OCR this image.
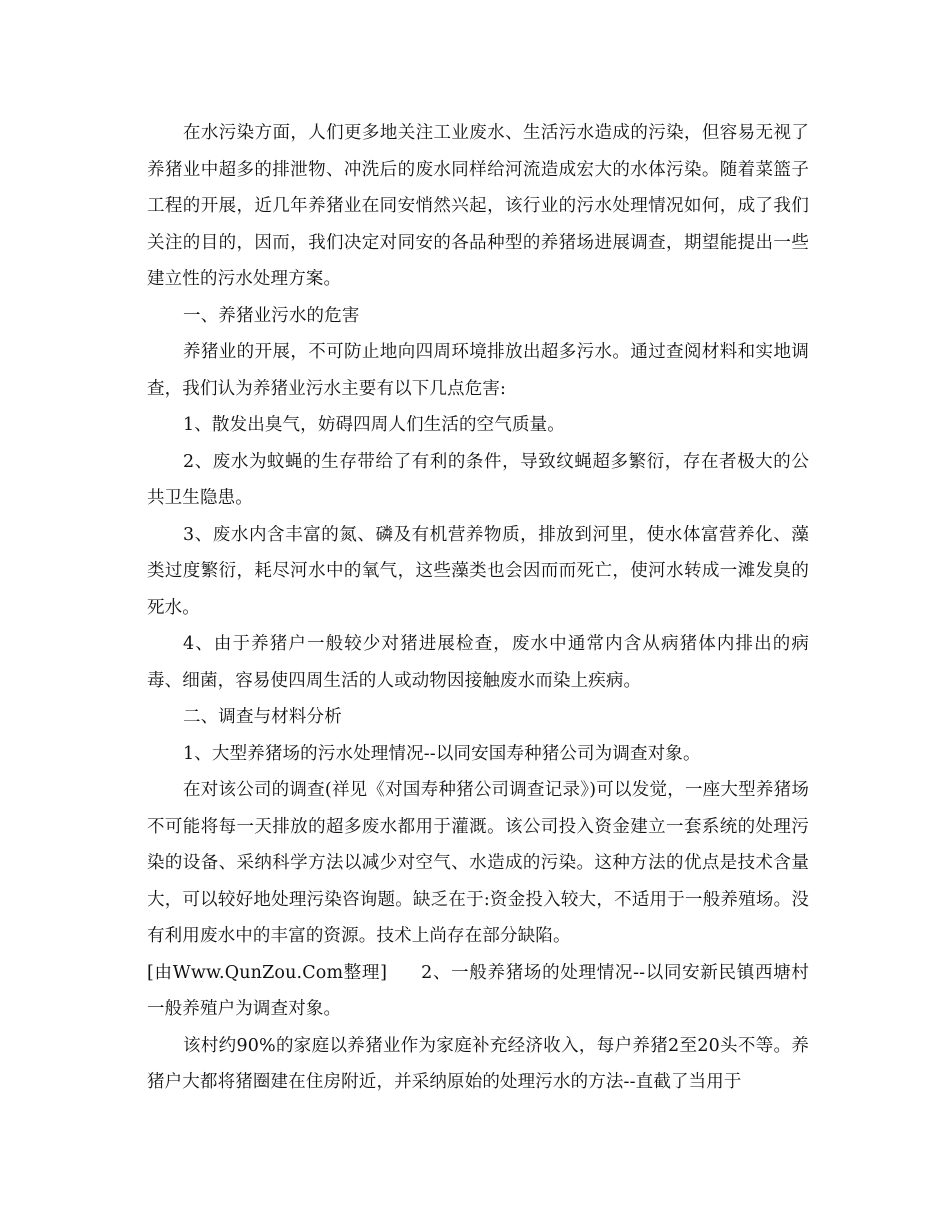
在水污染方面，人们更多地关注工业废水、生活污水造成的污染，但容易无视了养猪业中超多的排泄物、冲洗后的废水同样给河流造成宏大的水体污染。随着菜篮子工程的开展，近几年养猪业在同安悄然兴起，该行业的污水处理情况如何，成了我们关注的目的，因而，我们决定对同安的各品种型的养猪场进展调查，期望能提出一些建立性的污水处理方案。

一、养猪业污水的危害

养猪业的开展，不可防止地向四周环境排放出超多污水。通过查阅材料和实地调查，我们认为养猪业污水主要有以下几点危害:

1、散发出臭气，妨碍四周人们生活的空气质量。

2、废水为蚊蝇的生存带给了有利的条件，导致纹蝇超多繁衍，存在者极大的公共卫生隐患。

3、废水内含丰富的氮、磷及有机营养物质，排放到河里，使水体富营养化、藻类过度繁衍，耗尽河水中的氧气，这些藻类也会因而而死亡，使河水转成一滩发臭的死水。

4、由于养猪户一般较少对猪进展检查，废水中通常内含从病猪体内排出的病毒、细菌，容易使四周生活的人或动物因接触废水而染上疾病。

二、调查与材料分析

1、大型养猪场的污水处理情况--以同安国寿种猪公司为调查对象。

在对该公司的调查(祥见《对国寿种猪公司调查记录》)可以发觉，一座大型养猪场不可能将每一天排放的超多废水都用于灌溉。该公司投入资金建立一套系统的处理污染的设备、采纳科学方法以减少对空气、水造成的污染。这种方法的优点是技术含量大，可以较好地处理污染咨询题。缺乏在于:资金投入较大，不适用于一般养殖场。没有利用废水中的丰富的资源。技术上尚存在部分缺陷。

[由Www.QunZou.Com整理] 2、一般养猪场的处理情况--以同安新民镇西塘村一般养殖户为调查对象。

该村约90%的家庭以养猪业作为家庭补充经济收入，每户养猪2至20头不等。养猪户大都将猪圈建在住房附近，并采纳原始的处理污水的方法--直截了当用于
